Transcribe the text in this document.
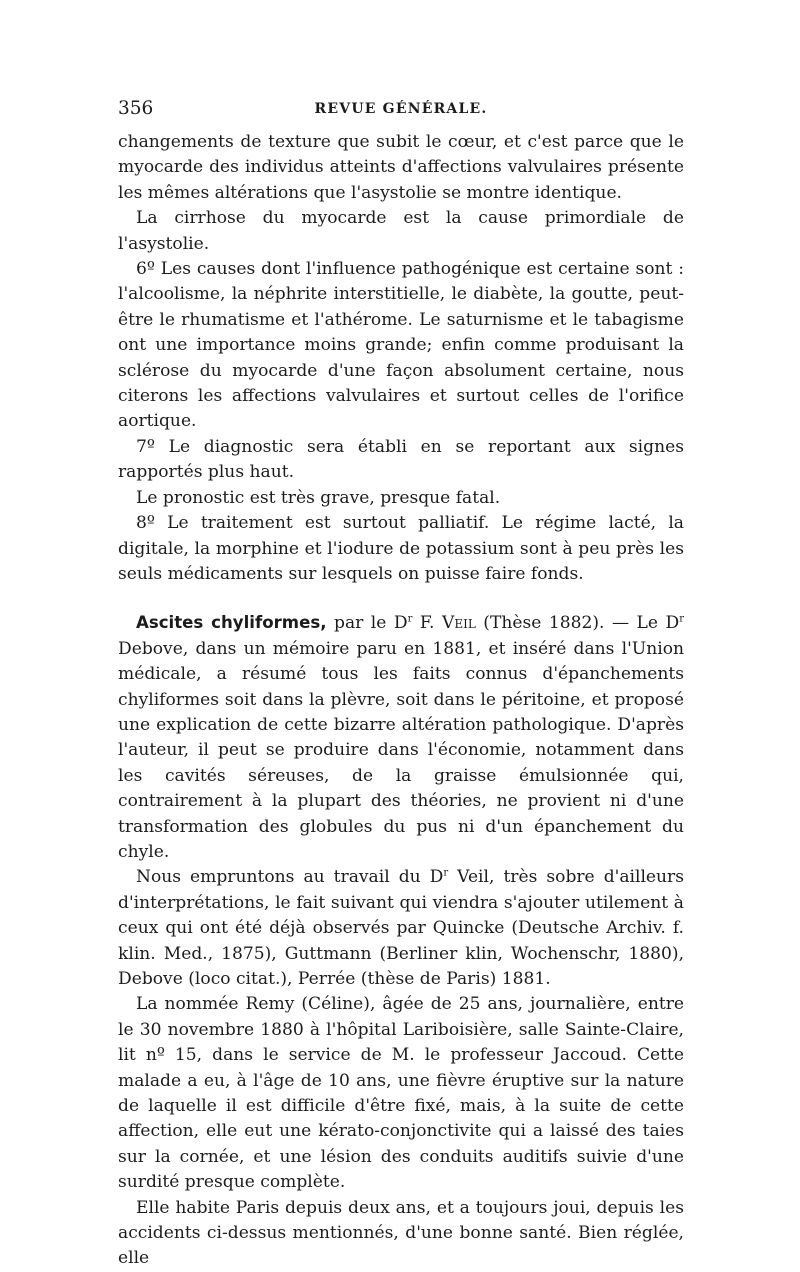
356	REVUE GÉNÉRALE.

changements de texture que subit le cœur, et c'est parce que le myocarde des individus atteints d'affections valvulaires présente les mêmes altérations que l'asystolie se montre identique.

La cirrhose du myocarde est la cause primordiale de l'asystolie.

6º Les causes dont l'influence pathogénique est certaine sont : l'alcoolisme, la néphrite interstitielle, le diabète, la goutte, peut-être le rhumatisme et l'athérome. Le saturnisme et le tabagisme ont une importance moins grande; enfin comme produisant la sclérose du myocarde d'une façon absolument certaine, nous citerons les affections valvulaires et surtout celles de l'orifice aortique.

7º Le diagnostic sera établi en se reportant aux signes rapportés plus haut.

Le pronostic est très grave, presque fatal.

8º Le traitement est surtout palliatif. Le régime lacté, la digitale, la morphine et l'iodure de potassium sont à peu près les seuls médicaments sur lesquels on puisse faire fonds.

Ascites chyliformes, par le $D^r$ F. Veil (Thèse 1882). — Le $D^r$ Debove, dans un mémoire paru en 1881, et inséré dans l'Union médicale, a résumé tous les faits connus d'épanchements chyliformes soit dans la plèvre, soit dans le péritoine, et proposé une explication de cette bizarre altération pathologique. D'après l'auteur, il peut se produire dans l'économie, notamment dans les cavités séreuses, de la graisse émulsionnée qui, contrairement à la plupart des théories, ne provient ni d'une transformation des globules du pus ni d'un épanchement du chyle.

Nous empruntons au travail du $D^r$ Veil, très sobre d'ailleurs d'interprétations, le fait suivant qui viendra s'ajouter utilement à ceux qui ont été déjà observés par Quincke (Deutsche Archiv. f. klin. Med., 1875), Guttmann (Berliner klin, Wochenschr, 1880), Debove (loco citat.), Perrée (thèse de Paris) 1881.

La nommée Remy (Céline), âgée de 25 ans, journalière, entre le 30 novembre 1880 à l'hôpital Lariboisière, salle Sainte-Claire, lit nº 15, dans le service de M. le professeur Jaccoud. Cette malade a eu, à l'âge de 10 ans, une fièvre éruptive sur la nature de laquelle il est difficile d'être fixé, mais, à la suite de cette affection, elle eut une kérato-conjonctivite qui a laissé des taies sur la cornée, et une lésion des conduits auditifs suivie d'une surdité presque complète.

Elle habite Paris depuis deux ans, et a toujours joui, depuis les accidents ci-dessus mentionnés, d'une bonne santé. Bien réglée, elle
